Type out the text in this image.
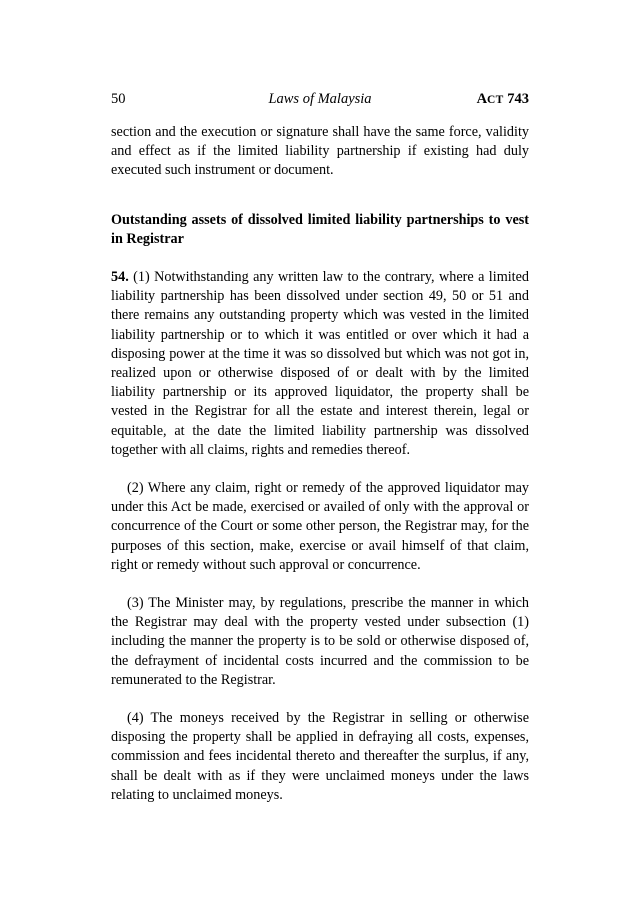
50	Laws of Malaysia	ACT 743

section and the execution or signature shall have the same force, validity and effect as if the limited liability partnership if existing had duly executed such instrument or document.

Outstanding assets of dissolved limited liability partnerships to vest in Registrar

54. (1) Notwithstanding any written law to the contrary, where a limited liability partnership has been dissolved under section 49, 50 or 51 and there remains any outstanding property which was vested in the limited liability partnership or to which it was entitled or over which it had a disposing power at the time it was so dissolved but which was not got in, realized upon or otherwise disposed of or dealt with by the limited liability partnership or its approved liquidator, the property shall be vested in the Registrar for all the estate and interest therein, legal or equitable, at the date the limited liability partnership was dissolved together with all claims, rights and remedies thereof.

(2) Where any claim, right or remedy of the approved liquidator may under this Act be made, exercised or availed of only with the approval or concurrence of the Court or some other person, the Registrar may, for the purposes of this section, make, exercise or avail himself of that claim, right or remedy without such approval or concurrence.

(3) The Minister may, by regulations, prescribe the manner in which the Registrar may deal with the property vested under subsection (1) including the manner the property is to be sold or otherwise disposed of, the defrayment of incidental costs incurred and the commission to be remunerated to the Registrar.

(4) The moneys received by the Registrar in selling or otherwise disposing the property shall be applied in defraying all costs, expenses, commission and fees incidental thereto and thereafter the surplus, if any, shall be dealt with as if they were unclaimed moneys under the laws relating to unclaimed moneys.
